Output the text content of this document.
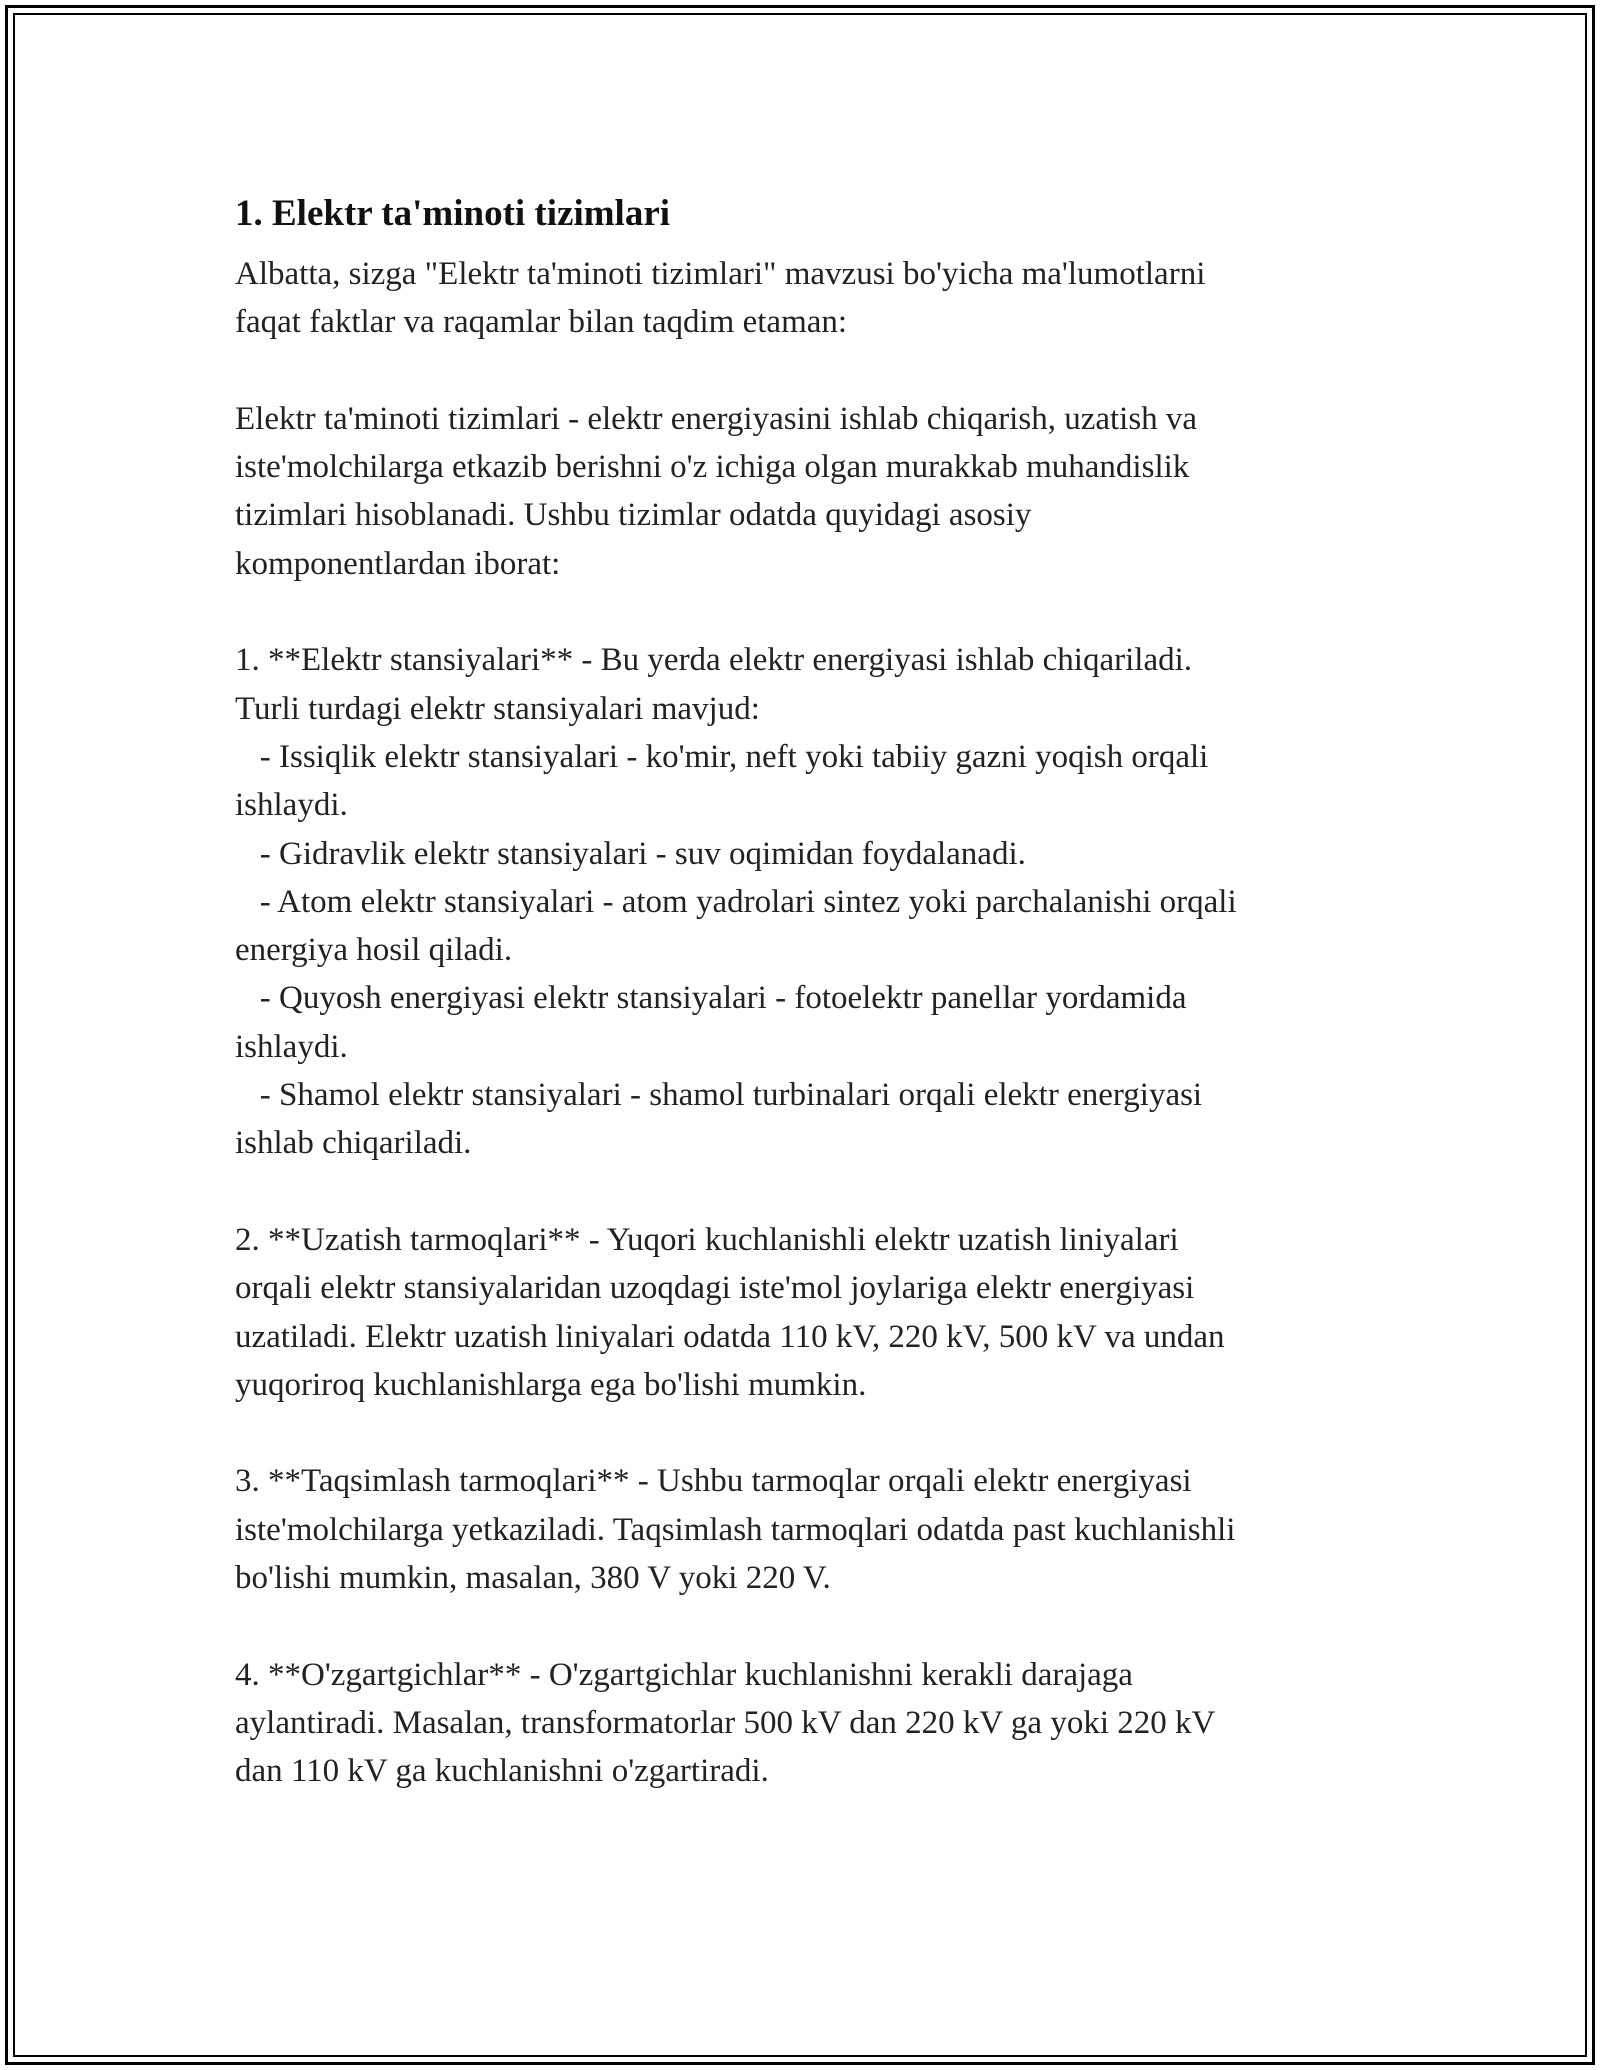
1. Elektr ta'minoti tizimlari

Albatta, sizga "Elektr ta'minoti tizimlari" mavzusi bo'yicha ma'lumotlarni
faqat faktlar va raqamlar bilan taqdim etaman:

Elektr ta'minoti tizimlari - elektr energiyasini ishlab chiqarish, uzatish va
iste'molchilarga etkazib berishni o'z ichiga olgan murakkab muhandislik
tizimlari hisoblanadi. Ushbu tizimlar odatda quyidagi asosiy
komponentlardan iborat:

1. **Elektr stansiyalari** - Bu yerda elektr energiyasi ishlab chiqariladi.
Turli turdagi elektr stansiyalari mavjud:
- Issiqlik elektr stansiyalari - ko'mir, neft yoki tabiiy gazni yoqish orqali
ishlaydi.
- Gidravlik elektr stansiyalari - suv oqimidan foydalanadi.
- Atom elektr stansiyalari - atom yadrolari sintez yoki parchalanishi orqali
energiya hosil qiladi.
- Quyosh energiyasi elektr stansiyalari - fotoelektr panellar yordamida
ishlaydi.
- Shamol elektr stansiyalari - shamol turbinalari orqali elektr energiyasi
ishlab chiqariladi.

2. **Uzatish tarmoqlari** - Yuqori kuchlanishli elektr uzatish liniyalari
orqali elektr stansiyalaridan uzoqdagi iste'mol joylariga elektr energiyasi
uzatiladi. Elektr uzatish liniyalari odatda 110 kV, 220 kV, 500 kV va undan
yuqoriroq kuchlanishlarga ega bo'lishi mumkin.

3. **Taqsimlash tarmoqlari** - Ushbu tarmoqlar orqali elektr energiyasi
iste'molchilarga yetkaziladi. Taqsimlash tarmoqlari odatda past kuchlanishli
bo'lishi mumkin, masalan, 380 V yoki 220 V.

4. **O'zgartgichlar** - O'zgartgichlar kuchlanishni kerakli darajaga
aylantiradi. Masalan, transformatorlar 500 kV dan 220 kV ga yoki 220 kV
dan 110 kV ga kuchlanishni o'zgartiradi.
